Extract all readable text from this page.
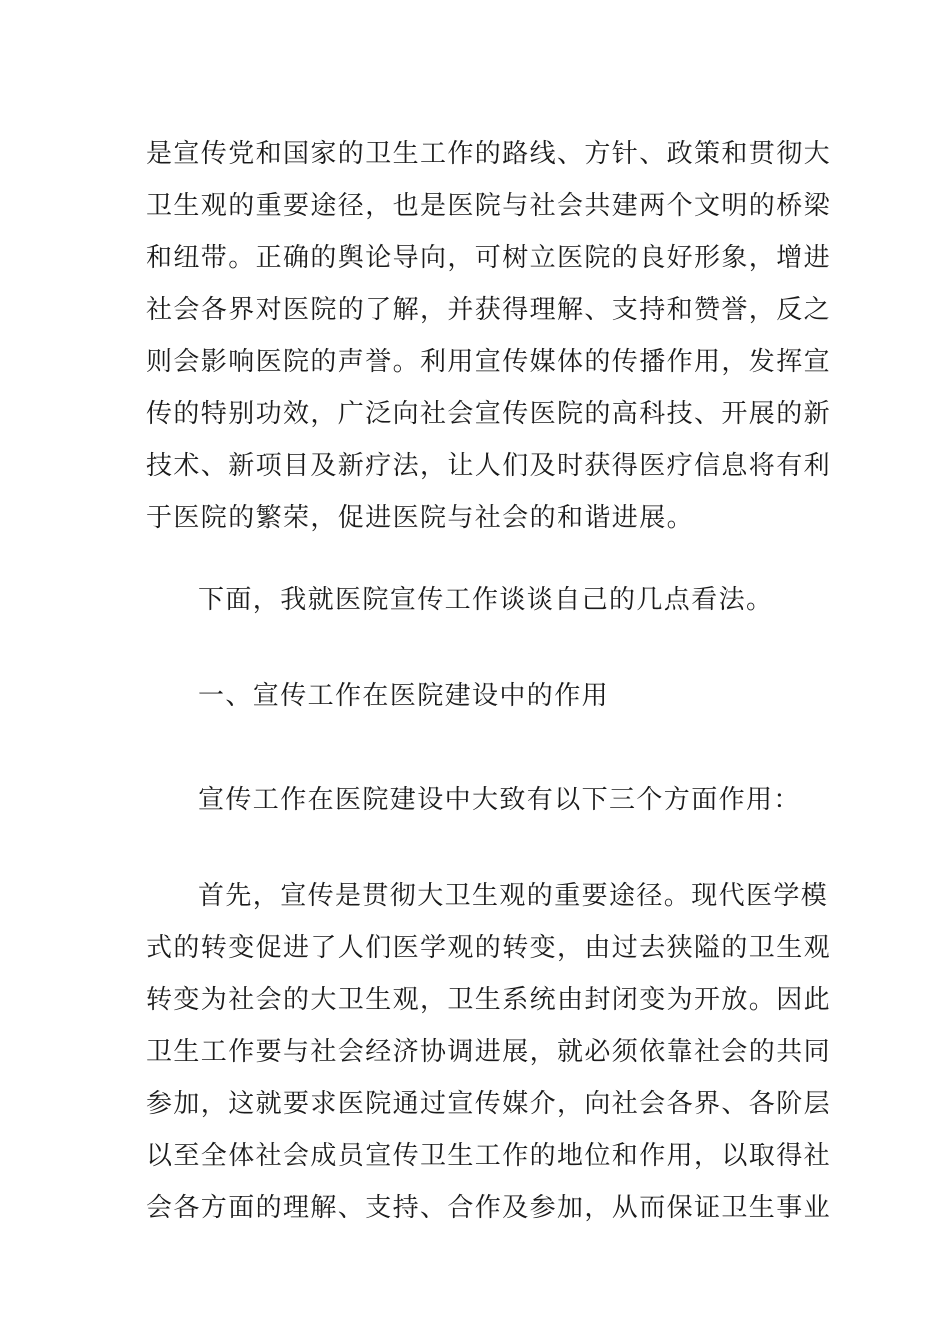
是宣传党和国家的卫生工作的路线、方针、政策和贯彻大
卫生观的重要途径，也是医院与社会共建两个文明的桥梁
和纽带。正确的舆论导向，可树立医院的良好形象，增进
社会各界对医院的了解，并获得理解、支持和赞誉，反之
则会影响医院的声誉。利用宣传媒体的传播作用，发挥宣
传的特别功效，广泛向社会宣传医院的高科技、开展的新
技术、新项目及新疗法，让人们及时获得医疗信息将有利
于医院的繁荣，促进医院与社会的和谐进展。

下面，我就医院宣传工作谈谈自己的几点看法。

一、宣传工作在医院建设中的作用

宣传工作在医院建设中大致有以下三个方面作用：

首先，宣传是贯彻大卫生观的重要途径。现代医学模
式的转变促进了人们医学观的转变，由过去狭隘的卫生观
转变为社会的大卫生观，卫生系统由封闭变为开放。因此
卫生工作要与社会经济协调进展，就必须依靠社会的共同
参加，这就要求医院通过宣传媒介，向社会各界、各阶层
以至全体社会成员宣传卫生工作的地位和作用，以取得社
会各方面的理解、支持、合作及参加，从而保证卫生事业
